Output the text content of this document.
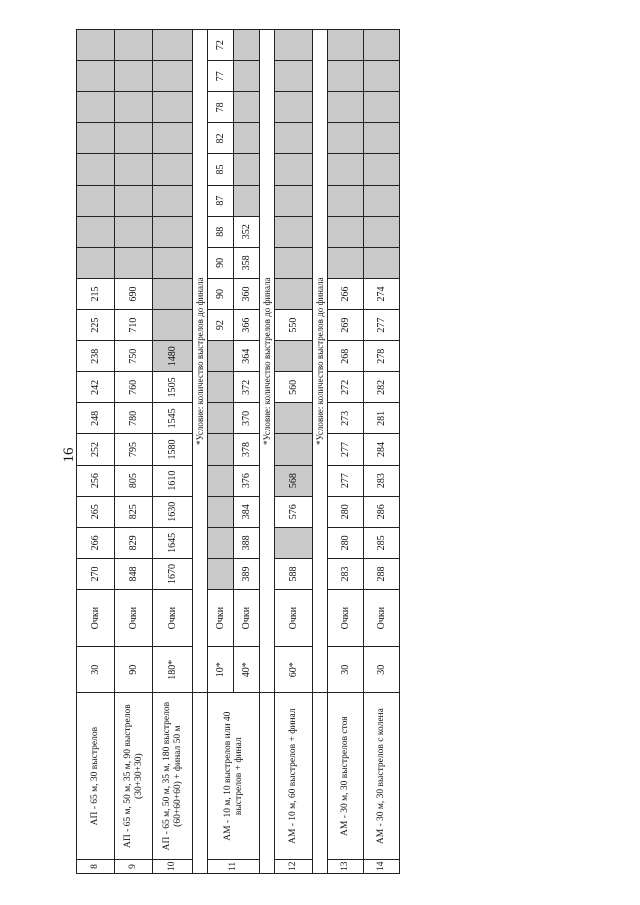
16
8	АП - 65 м, 30 выстрелов	30	Очки	270	266	265	256	252	248	242	238	225	215								
9	АП - 65 м, 50 м, 35 м, 90 выстрелов (30+30+30)	90	Очки	848	829	825	805	795	780	760	750	710	690								
10	АП - 65 м, 50 м, 35 м, 180 выстрелов (60+60+60) + финал 50 м	180*	Очки	1670	1645	1630	1610	1580	1545	1505	1480										
		*Условие: количество выстрелов до финала																			
11	АМ - 10 м, 10 выстрелов или 40 выстрелов + финал	10*	Очки									92	90	90	88	87	85	82	78	77	72
		40*	Очки	389	388	384	376	378	370	372	364	366	360	358	352						
		*Условие: количество выстрелов до финала																			
12	АМ - 10 м, 60 выстрелов + финал	60*	Очки	588		576	568			560		550									
		*Условие: количество выстрелов до финала																			
13	АМ - 30 м, 30 выстрелов стоя	30	Очки	283	280	280	277	277	273	272	268	269	266								
14	АМ - 30 м, 30 выстрелов с колена	30	Очки	288	285	286	283	284	281	282	278	277	274								
